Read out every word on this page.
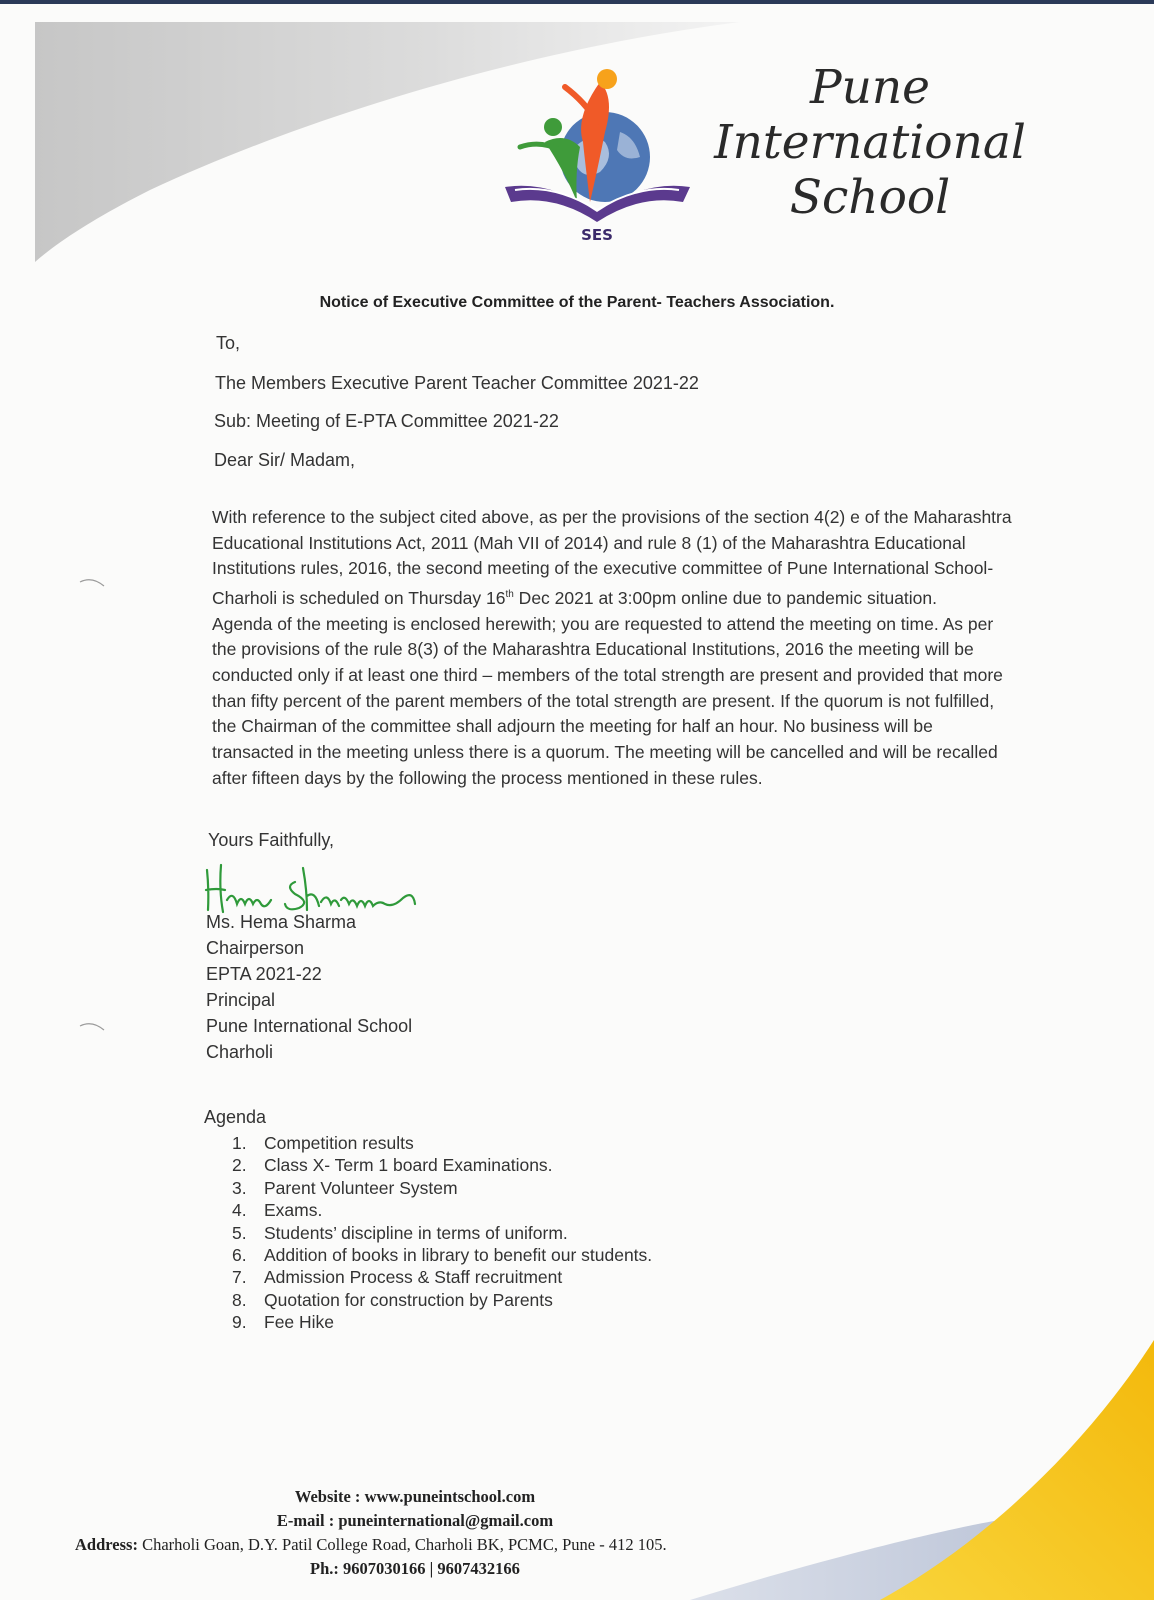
SES
Pune
International
School
Notice of Executive Committee of the Parent- Teachers Association.
To,
The Members Executive Parent Teacher Committee 2021-22
Sub: Meeting of E-PTA Committee 2021-22
Dear Sir/ Madam,
With reference to the subject cited above, as per the provisions of the section 4(2) e of the Maharashtra Educational Institutions Act, 2011 (Mah VII of 2014) and rule 8 (1) of the Maharashtra Educational Institutions rules, 2016, the second meeting of the executive committee of Pune International School- Charholi is scheduled on Thursday 16th Dec 2021 at 3:00pm online due to pandemic situation.
Agenda of the meeting is enclosed herewith; you are requested to attend the meeting on time. As per the provisions of the rule 8(3) of the Maharashtra Educational Institutions, 2016 the meeting will be conducted only if at least one third – members of the total strength are present and provided that more than fifty percent of the parent members of the total strength are present. If the quorum is not fulfilled, the Chairman of the committee shall adjourn the meeting for half an hour. No business will be transacted in the meeting unless there is a quorum. The meeting will be cancelled and will be recalled after fifteen days by the following the process mentioned in these rules.
Yours Faithfully,
Ms. Hema Sharma
Chairperson
EPTA 2021-22
Principal
Pune International School
Charholi
Agenda
1. Competition results
2. Class X- Term 1 board Examinations.
3. Parent Volunteer System
4. Exams.
5. Students’ discipline in terms of uniform.
6. Addition of books in library to benefit our students.
7. Admission Process & Staff recruitment
8. Quotation for construction by Parents
9. Fee Hike
Website : www.puneintschool.com
E-mail : puneinternational@gmail.com
Address: Charholi Goan, D.Y. Patil College Road, Charholi BK, PCMC, Pune - 412 105.
Ph.: 9607030166 | 9607432166
